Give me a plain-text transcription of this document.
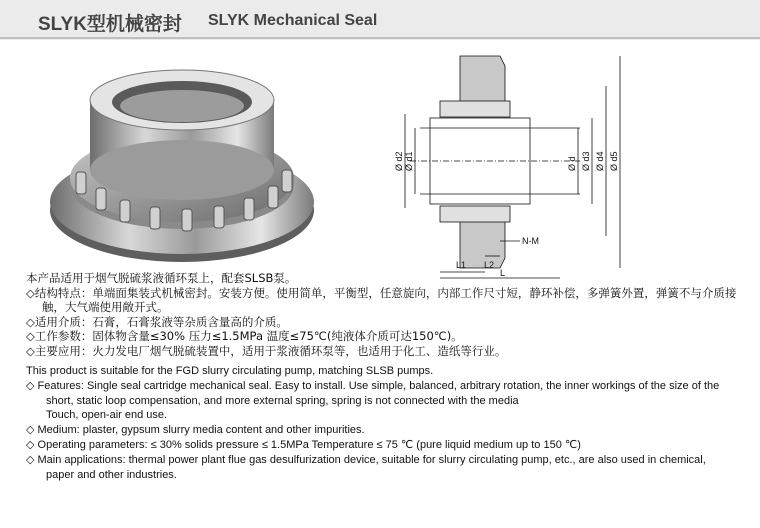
SLYK型机械密封 SLYK Mechanical Seal
Ø d2 Ø d1	Ø d Ø d3 Ø d4 Ø d5
L1 L2
L
N-M
本产品适用于烟气脱硫浆液循环泵上，配套SLSB泵。
◇结构特点：单端面集装式机械密封。安装方便。使用简单，平衡型，任意旋向，内部工作尺寸短，静环补偿，多弹簧外置，弹簧不与介质接
触，大气端使用敞开式。
◇适用介质：石膏，石膏浆液等杂质含量高的介质。
◇工作参数：固体物含量≤30% 压力≤1.5MPa 温度≤75℃(纯液体介质可达150℃)。
◇主要应用：火力发电厂烟气脱硫装置中，适用于浆液循环泵等，也适用于化工、造纸等行业。
This product is suitable for the FGD slurry circulating pump, matching SLSB pumps.
◇ Features: Single seal cartridge mechanical seal. Easy to install. Use simple, balanced, arbitrary rotation, the inner workings of the size of the
short, static loop compensation, and more external spring, spring is not connected with the media
Touch, open-air end use.
◇ Medium: plaster, gypsum slurry media content and other impurities.
◇ Operating parameters: ≤ 30% solids pressure ≤ 1.5MPa Temperature ≤ 75 ℃ (pure liquid medium up to 150 ℃)
◇ Main applications: thermal power plant flue gas desulfurization device, suitable for slurry circulating pump, etc., are also used in chemical,
paper and other industries.
